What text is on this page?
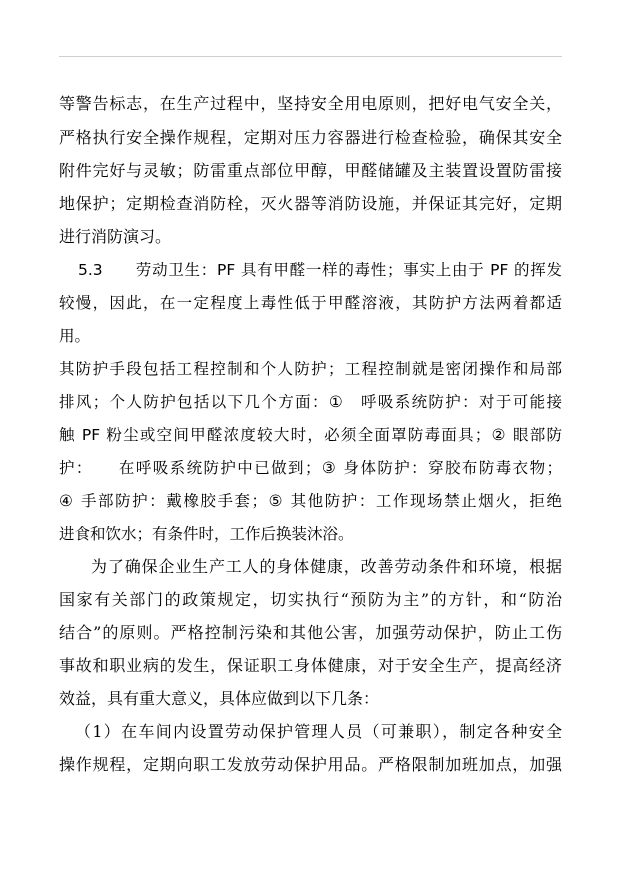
等警告标志，在生产过程中，坚持安全用电原则，把好电气安全关，
严格执行安全操作规程，定期对压力容器进行检查检验，确保其安全
附件完好与灵敏；防雷重点部位甲醇，甲醛储罐及主装置设置防雷接
地保护；定期检查消防栓，灭火器等消防设施，并保证其完好，定期
进行消防演习。
5.3　　劳动卫生：PF 具有甲醛一样的毒性；事实上由于 PF 的挥发
较慢，因此，在一定程度上毒性低于甲醛溶液，其防护方法两着都适
用。
其防护手段包括工程控制和个人防护；工程控制就是密闭操作和局部
排风；个人防护包括以下几个方面：①　呼吸系统防护：对于可能接
触 PF 粉尘或空间甲醛浓度较大时，必须全面罩防毒面具；② 眼部防
护：　　在呼吸系统防护中已做到；③ 身体防护：穿胶布防毒衣物；
④ 手部防护：戴橡胶手套；⑤ 其他防护：工作现场禁止烟火，拒绝
进食和饮水；有条件时，工作后换装沐浴。
为了确保企业生产工人的身体健康，改善劳动条件和环境，根据
国家有关部门的政策规定，切实执行“预防为主”的方针，和“防治
结合”的原则。严格控制污染和其他公害，加强劳动保护，防止工伤
事故和职业病的发生，保证职工身体健康，对于安全生产，提高经济
效益，具有重大意义，具体应做到以下几条：
（1）在车间内设置劳动保护管理人员（可兼职），制定各种安全
操作规程，定期向职工发放劳动保护用品。严格限制加班加点，加强
